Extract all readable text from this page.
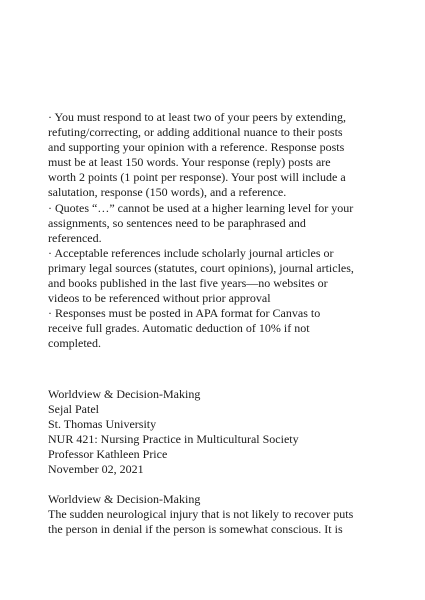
· You must respond to at least two of your peers by extending,
refuting/correcting, or adding additional nuance to their posts
and supporting your opinion with a reference. Response posts
must be at least 150 words. Your response (reply) posts are
worth 2 points (1 point per response). Your post will include a
salutation, response (150 words), and a reference.
· Quotes “…” cannot be used at a higher learning level for your
assignments, so sentences need to be paraphrased and
referenced.
· Acceptable references include scholarly journal articles or
primary legal sources (statutes, court opinions), journal articles,
and books published in the last five years—no websites or
videos to be referenced without prior approval
· Responses must be posted in APA format for Canvas to
receive full grades. Automatic deduction of 10% if not
completed.
Worldview & Decision-Making
Sejal Patel
St. Thomas University
NUR 421: Nursing Practice in Multicultural Society
Professor Kathleen Price
November 02, 2021
Worldview & Decision-Making
The sudden neurological injury that is not likely to recover puts
the person in denial if the person is somewhat conscious. It is
